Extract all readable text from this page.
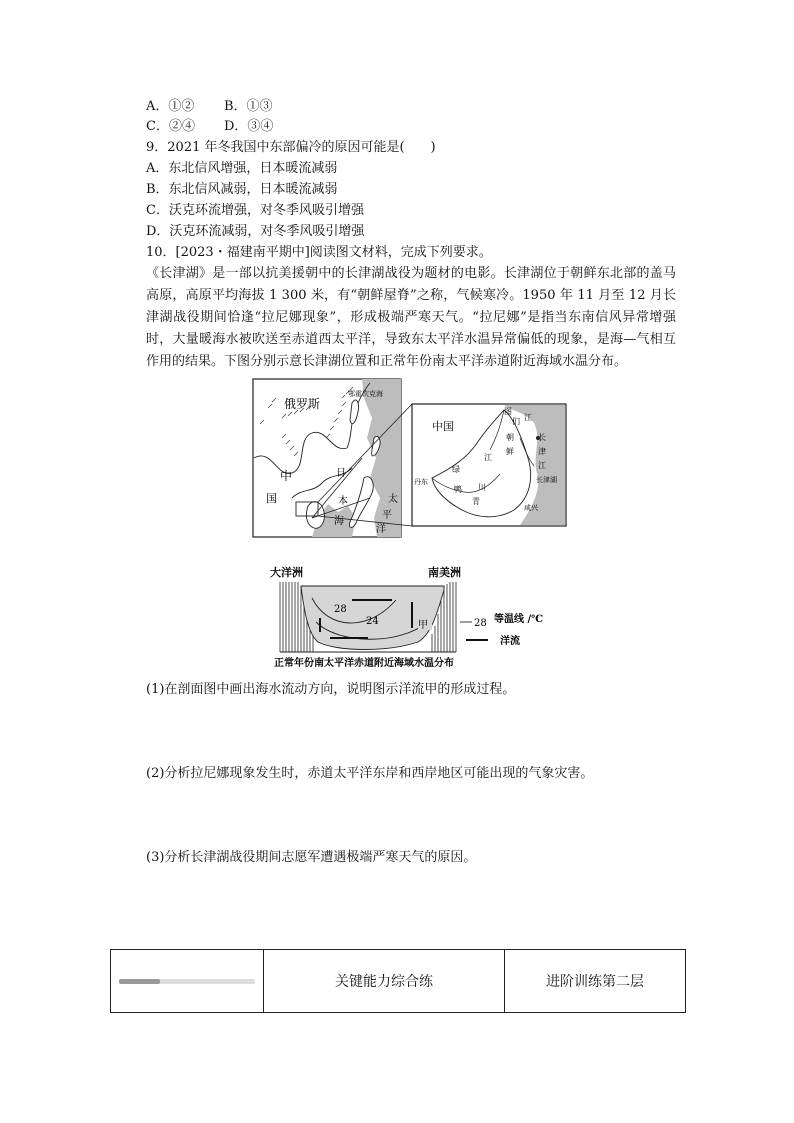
A．①② B．①③
C．②④ D．③④
9．2021 年冬我国中东部偏冷的原因可能是(　　)
A．东北信风增强，日本暖流减弱
B．东北信风减弱，日本暖流减弱
C．沃克环流增强，对冬季风吸引增强
D．沃克环流减弱，对冬季风吸引增强
10．[2023・福建南平期中]阅读图文材料，完成下列要求。
《长津湖》是一部以抗美援朝中的长津湖战役为题材的电影。长津湖位于朝鲜东北部的盖马高原，高原平均海拔 1 300 米，有“朝鲜屋脊”之称，气候寒冷。1950 年 11 月至 12 月长津湖战役期间恰逢“拉尼娜现象”，形成极端严寒天气。“拉尼娜”是指当东南信风异常增强时，大量暖海水被吹送至赤道西太平洋，导致东太平洋水温异常偏低的现象，是海—气相互作用的结果。下图分别示意长津湖位置和正常年份南太平洋赤道附近海域水温分布。
俄罗斯
鄂霍次克海
中
国
日
本
海
太
平
洋
中国
图
们 江
朝
鲜
长
津
江
长津湖
丹东
绿
鸭
江
川
青
咸兴
大洋洲	南美洲
28
24	甲	28 等温线 /℃
洋流
正常年份南太平洋赤道附近海域水温分布
(1)在剖面图中画出海水流动方向，说明图示洋流甲的形成过程。
(2)分析拉尼娜现象发生时，赤道太平洋东岸和西岸地区可能出现的气象灾害。
(3)分析长津湖战役期间志愿军遭遇极端严寒天气的原因。
关键能力综合练	进阶训练第二层
